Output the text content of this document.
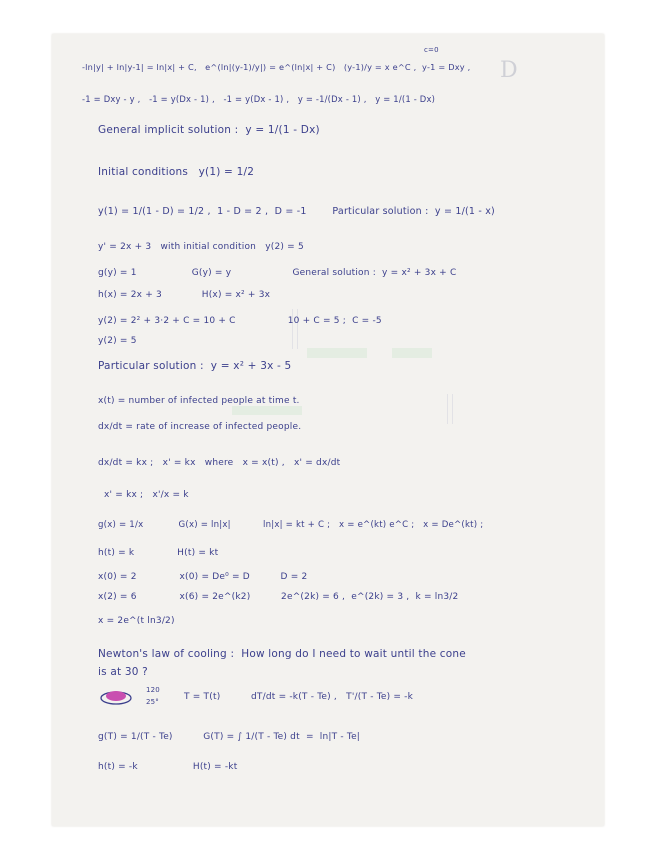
D
c=0
-ln|y| + ln|y-1| = ln|x| + C,   e^(ln|(y-1)/y|) = e^(ln|x| + C)   (y-1)/y = x e^C ,  y-1 = Dxy ,
-1 = Dxy - y ,   -1 = y(Dx - 1) ,   -1 = y(Dx - 1) ,   y = -1/(Dx - 1) ,   y = 1/(1 - Dx)
General implicit solution :  y = 1/(1 - Dx)
Initial conditions   y(1) = 1/2
y(1) = 1/(1 - D) = 1/2 ,  1 - D = 2 ,  D = -1        Particular solution :  y = 1/(1 - x)
y' = 2x + 3   with initial condition   y(2) = 5
g(y) = 1                  G(y) = y                    General solution :  y = x² + 3x + C
h(x) = 2x + 3             H(x) = x² + 3x
y(2) = 2² + 3·2 + C = 10 + C                 10 + C = 5 ;  C = -5
y(2) = 5
Particular solution :  y = x² + 3x - 5
x(t) = number of infected people at time t.
dx/dt = rate of increase of infected people.
dx/dt = kx ;   x' = kx   where   x = x(t) ,   x' = dx/dt
x' = kx ;   x'/x = k
g(x) = 1/x            G(x) = ln|x|           ln|x| = kt + C ;   x = e^(kt) e^C ;   x = De^(kt) ;
h(t) = k              H(t) = kt
x(0) = 2              x(0) = De⁰ = D          D = 2
x(2) = 6              x(6) = 2e^(k2)          2e^(2k) = 6 ,  e^(2k) = 3 ,  k = ln3/2
x = 2e^(t ln3/2)
Newton's law of cooling :  How long do I need to wait until the cone
is at 30 ?
120
25°	T = T(t)          dT/dt = -k(T - Te) ,   T'/(T - Te) = -k
g(T) = 1/(T - Te)          G(T) = ∫ 1/(T - Te) dt  =  ln|T - Te|
h(t) = -k                  H(t) = -kt
